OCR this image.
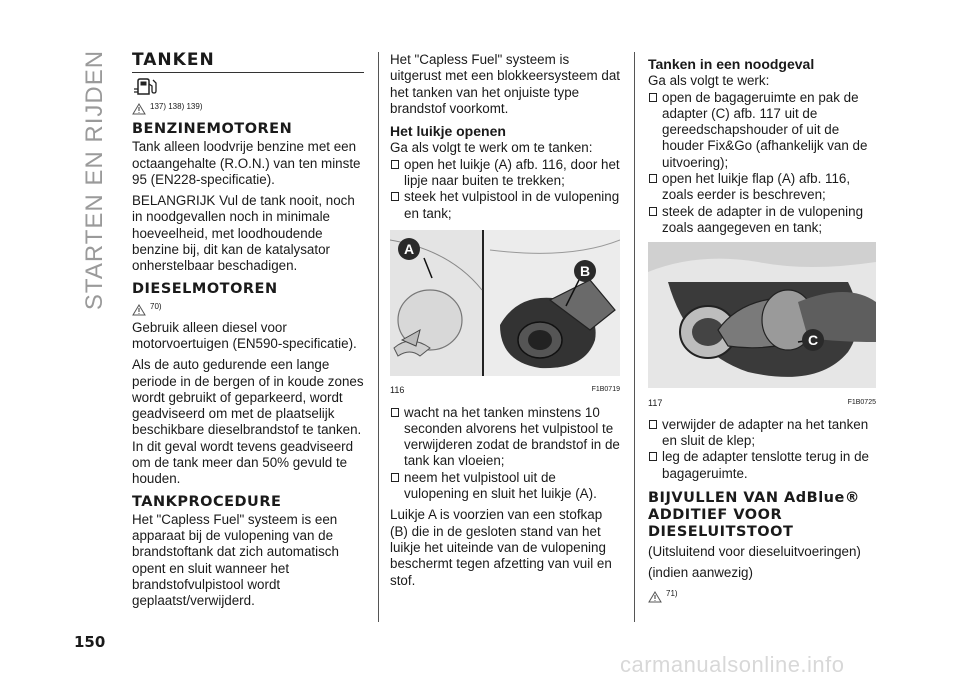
STARTEN EN RIJDEN TANKEN
137) 138) 139)
BENZINEMOTOREN

Tank alleen loodvrije benzine met een octaangehalte (R.O.N.) van ten minste 95 (EN228-specificatie).

BELANGRIJK Vul de tank nooit, noch in noodgevallen noch in minimale hoeveelheid, met loodhoudende benzine bij, dit kan de katalysator onherstelbaar beschadigen.

DIESELMOTOREN
70)

Gebruik alleen diesel voor motorvoertuigen (EN590-specificatie).

Als de auto gedurende een lange periode in de bergen of in koude zones wordt gebruikt of geparkeerd, wordt geadviseerd om met de plaatselijk beschikbare dieselbrandstof te tanken. In dit geval wordt tevens geadviseerd om de tank meer dan 50% gevuld te houden.

TANKPROCEDURE

Het "Capless Fuel" systeem is een apparaat bij de vulopening van de brandstoftank dat zich automatisch opent en sluit wanneer het brandstofvulpistool wordt geplaatst/verwijderd.

Het "Capless Fuel" systeem is uitgerust met een blokkeersysteem dat het tanken van het onjuiste type brandstof voorkomt.

Het luikje openen

Ga als volgt te werk om te tanken:

open het luikje (A) afb. 116, door het lipje naar buiten te trekken;

steek het vulpistool in de vulopening en tank;

A
B
116	F1B0719

wacht na het tanken minstens 10 seconden alvorens het vulpistool te verwijderen zodat de brandstof in de tank kan vloeien;

neem het vulpistool uit de vulopening en sluit het luikje (A).

Luikje A is voorzien van een stofkap (B) die in de gesloten stand van het luikje het uiteinde van de vulopening beschermt tegen afzetting van vuil en stof.

Tanken in een noodgeval

Ga als volgt te werk:

open de bagageruimte en pak de adapter (C) afb. 117 uit de gereedschapshouder of uit de houder Fix&Go (afhankelijk van de uitvoering);

open het luikje flap (A) afb. 116, zoals eerder is beschreven;

steek de adapter in de vulopening zoals aangegeven en tank;

C
117	F1B0725

verwijder de adapter na het tanken en sluit de klep;

leg de adapter tenslotte terug in de bagageruimte.

BIJVULLEN VAN AdBlue® ADDITIEF VOOR DIESELUITSTOOT

(Uitsluitend voor dieseluitvoeringen)

(indien aanwezig)

71)
150
carmanualsonline.info
